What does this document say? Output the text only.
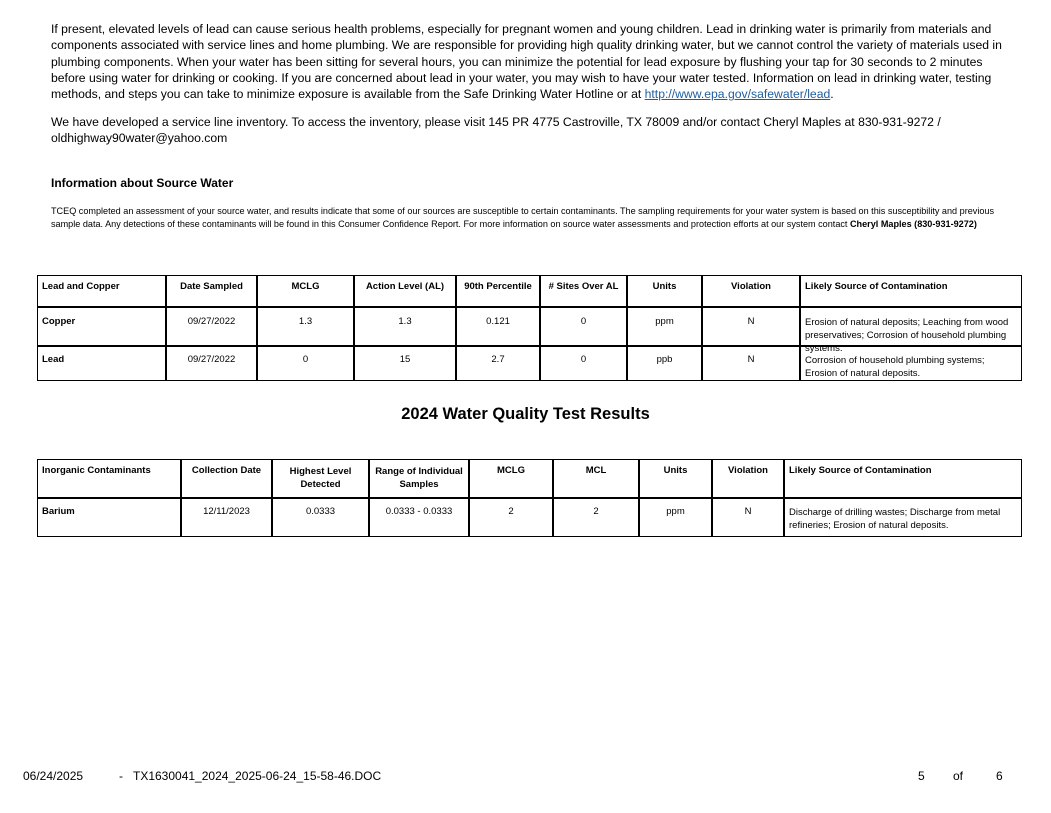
If present, elevated levels of lead can cause serious health problems, especially for pregnant women and young children. Lead in drinking water is primarily from materials and components associated with service lines and home plumbing. We are responsible for providing high quality drinking water, but we cannot control the variety of materials used in plumbing components. When your water has been sitting for several hours, you can minimize the potential for lead exposure by flushing your tap for 30 seconds to 2 minutes before using water for drinking or cooking. If you are concerned about lead in your water, you may wish to have your water tested. Information on lead in drinking water, testing methods, and steps you can take to minimize exposure is available from the Safe Drinking Water Hotline or at http://www.epa.gov/safewater/lead.
We have developed a service line inventory. To access the inventory, please visit 145 PR 4775 Castroville, TX 78009 and/or contact Cheryl Maples at 830-931-9272 / oldhighway90water@yahoo.com
Information about Source Water
TCEQ completed an assessment of your source water, and results indicate that some of our sources are susceptible to certain contaminants. The sampling requirements for your water system is based on this susceptibility and previous sample data. Any detections of these contaminants will be found in this Consumer Confidence Report. For more information on source water assessments and protection efforts at our system contact Cheryl Maples (830-931-9272)
Lead and Copper	Date Sampled	MCLG	Action Level (AL)	90th Percentile	# Sites Over AL	Units	Violation	Likely Source of Contamination
Copper	09/27/2022	1.3	1.3	0.121	0	ppm	N	Erosion of natural deposits; Leaching from wood preservatives; Corrosion of household plumbing systems.

Lead	09/27/2022	0	15	2.7	0	ppb	N	Corrosion of household plumbing systems; Erosion of natural deposits.
2024 Water Quality Test Results
Inorganic Contaminants	Collection Date	Highest Level Detected	Range of Individual Samples	MCLG	MCL	Units	Violation	Likely Source of Contamination
Barium	12/11/2023	0.0333	0.0333 - 0.0333	2	2	ppm	N	Discharge of drilling wastes; Discharge from metal refineries; Erosion of natural deposits.
06/24/2025	- TX1630041_2024_2025-06-24_15-58-46.DOC	5 of	6
